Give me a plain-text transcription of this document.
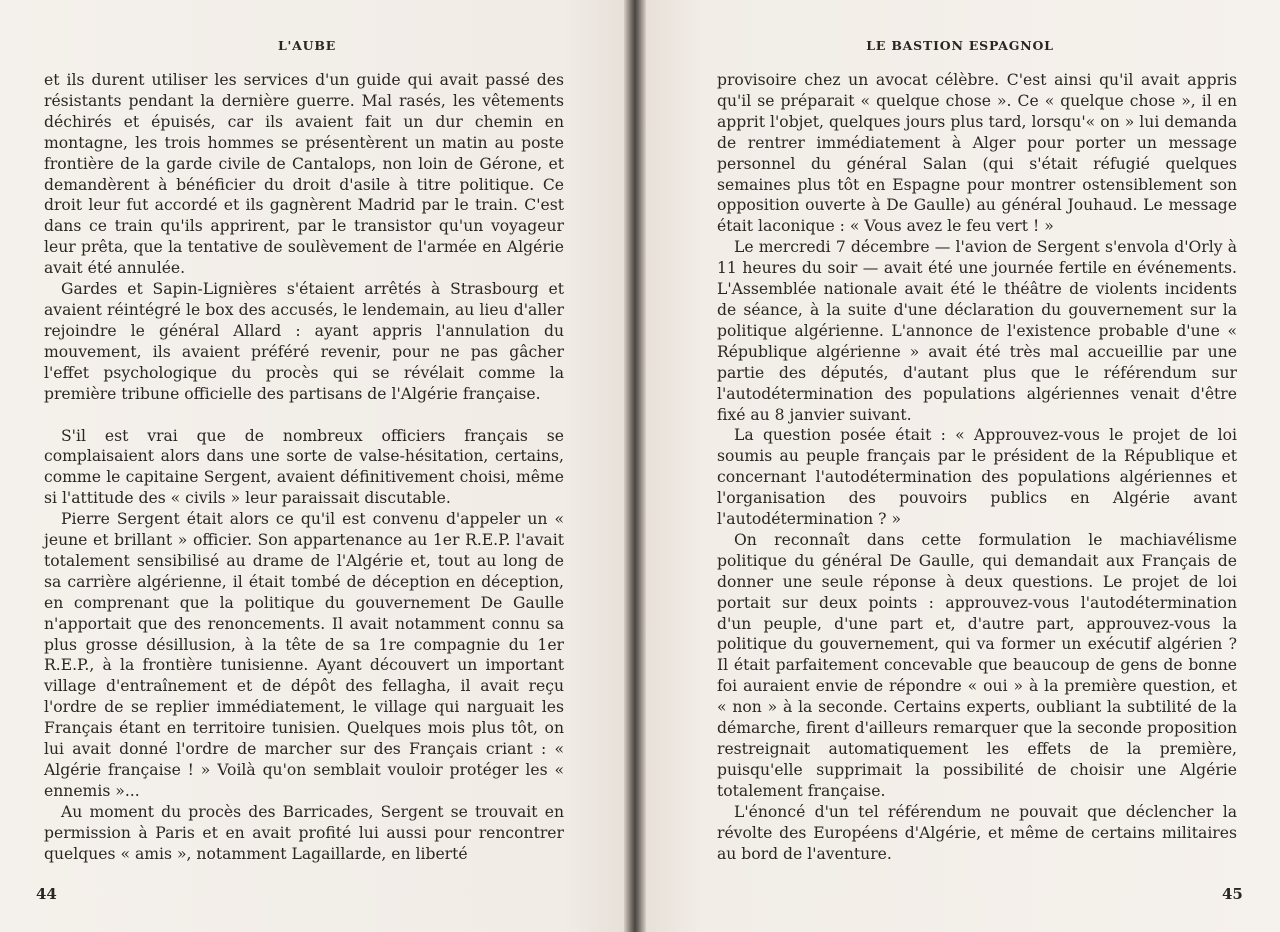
L'AUBE

et ils durent utiliser les services d'un guide qui avait passé des résistants pendant la dernière guerre. Mal rasés, les vêtements déchirés et épuisés, car ils avaient fait un dur chemin en montagne, les trois hommes se présentèrent un matin au poste frontière de la garde civile de Cantalops, non loin de Gérone, et demandèrent à bénéficier du droit d'asile à titre politique. Ce droit leur fut accordé et ils gagnèrent Madrid par le train. C'est dans ce train qu'ils apprirent, par le transistor qu'un voyageur leur prêta, que la tentative de soulèvement de l'armée en Algérie avait été annulée.

Gardes et Sapin-Lignières s'étaient arrêtés à Strasbourg et avaient réintégré le box des accusés, le lendemain, au lieu d'aller rejoindre le général Allard : ayant appris l'annulation du mouvement, ils avaient préféré revenir, pour ne pas gâcher l'effet psychologique du procès qui se révélait comme la première tribune officielle des partisans de l'Algérie française.

S'il est vrai que de nombreux officiers français se complaisaient alors dans une sorte de valse-hésitation, certains, comme le capitaine Sergent, avaient définitivement choisi, même si l'attitude des « civils » leur paraissait discutable.

Pierre Sergent était alors ce qu'il est convenu d'appeler un « jeune et brillant » officier. Son appartenance au 1er R.E.P. l'avait totalement sensibilisé au drame de l'Algérie et, tout au long de sa carrière algérienne, il était tombé de déception en déception, en comprenant que la politique du gouvernement De Gaulle n'apportait que des renoncements. Il avait notamment connu sa plus grosse désillusion, à la tête de sa 1re compagnie du 1er R.E.P., à la frontière tunisienne. Ayant découvert un important village d'entraînement et de dépôt des fellagha, il avait reçu l'ordre de se replier immédiatement, le village qui narguait les Français étant en territoire tunisien. Quelques mois plus tôt, on lui avait donné l'ordre de marcher sur des Français criant : « Algérie française ! » Voilà qu'on semblait vouloir protéger les « ennemis »...

Au moment du procès des Barricades, Sergent se trouvait en permission à Paris et en avait profité lui aussi pour rencontrer quelques « amis », notamment Lagaillarde, en liberté

44
LE BASTION ESPAGNOL

provisoire chez un avocat célèbre. C'est ainsi qu'il avait appris qu'il se préparait « quelque chose ». Ce « quelque chose », il en apprit l'objet, quelques jours plus tard, lorsqu'« on » lui demanda de rentrer immédiatement à Alger pour porter un message personnel du général Salan (qui s'était réfugié quelques semaines plus tôt en Espagne pour montrer ostensiblement son opposition ouverte à De Gaulle) au général Jouhaud. Le message était laconique : « Vous avez le feu vert ! »

Le mercredi 7 décembre — l'avion de Sergent s'envola d'Orly à 11 heures du soir — avait été une journée fertile en événements. L'Assemblée nationale avait été le théâtre de violents incidents de séance, à la suite d'une déclaration du gouvernement sur la politique algérienne. L'annonce de l'existence probable d'une « République algérienne » avait été très mal accueillie par une partie des députés, d'autant plus que le référendum sur l'autodétermination des populations algériennes venait d'être fixé au 8 janvier suivant.

La question posée était : « Approuvez-vous le projet de loi soumis au peuple français par le président de la République et concernant l'autodétermination des populations algériennes et l'organisation des pouvoirs publics en Algérie avant l'autodétermination ? »

On reconnaît dans cette formulation le machiavélisme politique du général De Gaulle, qui demandait aux Français de donner une seule réponse à deux questions. Le projet de loi portait sur deux points : approuvez-vous l'autodétermination d'un peuple, d'une part et, d'autre part, approuvez-vous la politique du gouvernement, qui va former un exécutif algérien ? Il était parfaitement concevable que beaucoup de gens de bonne foi auraient envie de répondre « oui » à la première question, et « non » à la seconde. Certains experts, oubliant la subtilité de la démarche, firent d'ailleurs remarquer que la seconde proposition restreignait automatiquement les effets de la première, puisqu'elle supprimait la possibilité de choisir une Algérie totalement française.

L'énoncé d'un tel référendum ne pouvait que déclencher la révolte des Européens d'Algérie, et même de certains militaires au bord de l'aventure.

45
